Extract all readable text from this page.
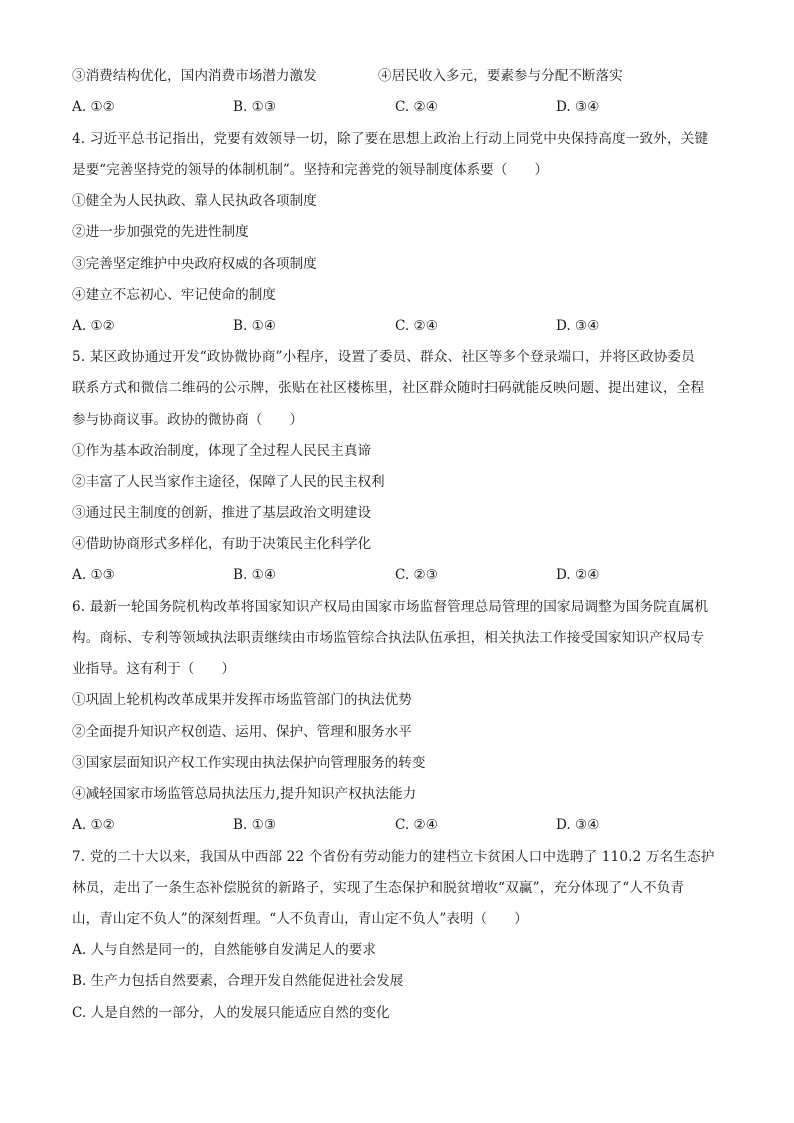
③消费结构优化，国内消费市场潜力激发	④居民收入多元，要素参与分配不断落实
A. ①②	B. ①③	C. ②④	D. ③④
4. 习近平总书记指出，党要有效领导一切，除了要在思想上政治上行动上同党中央保持高度一致外，关键
是要“完善坚持党的领导的体制机制”。坚持和完善党的领导制度体系要（　　）
①健全为人民执政、靠人民执政各项制度
②进一步加强党的先进性制度
③完善坚定维护中央政府权威的各项制度
④建立不忘初心、牢记使命的制度
A. ①②	B. ①④	C. ②④	D. ③④
5. 某区政协通过开发“政协微协商”小程序，设置了委员、群众、社区等多个登录端口，并将区政协委员
联系方式和微信二维码的公示牌，张贴在社区楼栋里，社区群众随时扫码就能反映问题、提出建议，全程
参与协商议事。政协的微协商（　　）
①作为基本政治制度，体现了全过程人民民主真谛
②丰富了人民当家作主途径，保障了人民的民主权利
③通过民主制度的创新，推进了基层政治文明建设
④借助协商形式多样化，有助于决策民主化科学化
A. ①③	B. ①④	C. ②③	D. ②④
6. 最新一轮国务院机构改革将国家知识产权局由国家市场监督管理总局管理的国家局调整为国务院直属机
构。商标、专利等领域执法职责继续由市场监管综合执法队伍承担，相关执法工作接受国家知识产权局专
业指导。这有利于（　　）
①巩固上轮机构改革成果并发挥市场监管部门的执法优势
②全面提升知识产权创造、运用、保护、管理和服务水平
③国家层面知识产权工作实现由执法保护向管理服务的转变
④减轻国家市场监管总局执法压力,提升知识产权执法能力
A. ①②	B. ①③	C. ②④	D. ③④
7. 党的二十大以来，我国从中西部 22 个省份有劳动能力的建档立卡贫困人口中选聘了 110.2 万名生态护
林员，走出了一条生态补偿脱贫的新路子，实现了生态保护和脱贫增收“双赢”，充分体现了“人不负青
山，青山定不负人”的深刻哲理。“人不负青山，青山定不负人”表明（　　）
A. 人与自然是同一的，自然能够自发满足人的要求
B. 生产力包括自然要素，合理开发自然能促进社会发展
C. 人是自然的一部分，人的发展只能适应自然的变化
